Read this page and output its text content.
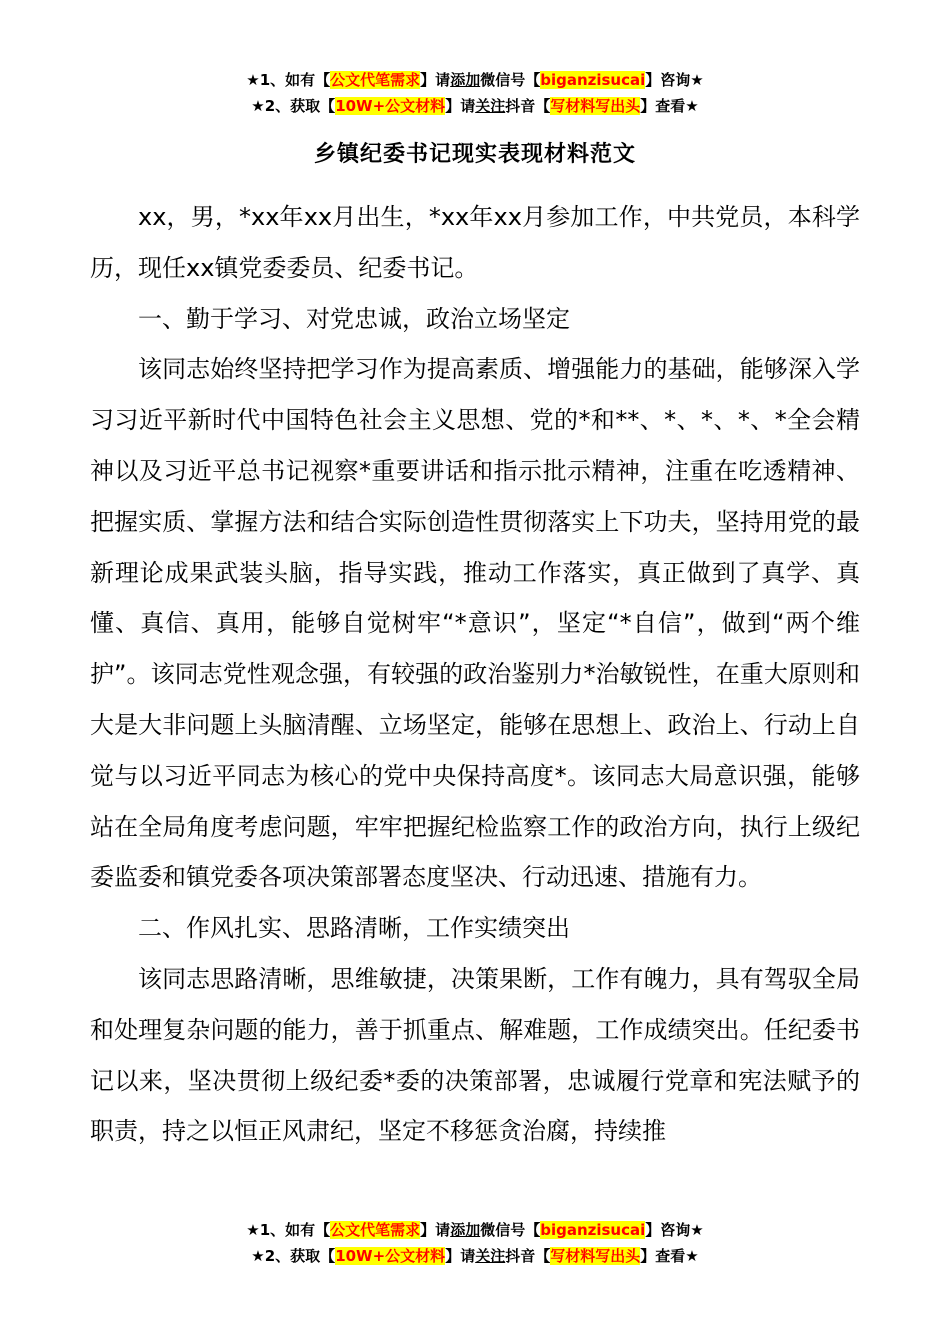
★1、如有【公文代笔需求】请添加微信号【biganzisucai】咨询★
★2、获取【10W+公文材料】请关注抖音【写材料写出头】查看★
乡镇纪委书记现实表现材料范文

xx，男，*xx年xx月出生，*xx年xx月参加工作，中共党员，本科学历，现任xx镇党委委员、纪委书记。

一、勤于学习、对党忠诚，政治立场坚定

该同志始终坚持把学习作为提高素质、增强能力的基础，能够深入学习习近平新时代中国特色社会主义思想、党的*和**、*、*、*、*全会精神以及习近平总书记视察*重要讲话和指示批示精神，注重在吃透精神、把握实质、掌握方法和结合实际创造性贯彻落实上下功夫，坚持用党的最新理论成果武装头脑，指导实践，推动工作落实，真正做到了真学、真懂、真信、真用，能够自觉树牢“*意识”，坚定“*自信”，做到“两个维护”。该同志党性观念强，有较强的政治鉴别力*治敏锐性，在重大原则和大是大非问题上头脑清醒、立场坚定，能够在思想上、政治上、行动上自觉与以习近平同志为核心的党中央保持高度*。该同志大局意识强，能够站在全局角度考虑问题，牢牢把握纪检监察工作的政治方向，执行上级纪委监委和镇党委各项决策部署态度坚决、行动迅速、措施有力。

二、作风扎实、思路清晰，工作实绩突出

该同志思路清晰，思维敏捷，决策果断，工作有魄力，具有驾驭全局和处理复杂问题的能力，善于抓重点、解难题，工作成绩突出。任纪委书记以来，坚决贯彻上级纪委*委的决策部署，忠诚履行党章和宪法赋予的职责，持之以恒正风肃纪，坚定不移惩贪治腐，持续推

★1、如有【公文代笔需求】请添加微信号【biganzisucai】咨询★
★2、获取【10W+公文材料】请关注抖音【写材料写出头】查看★
